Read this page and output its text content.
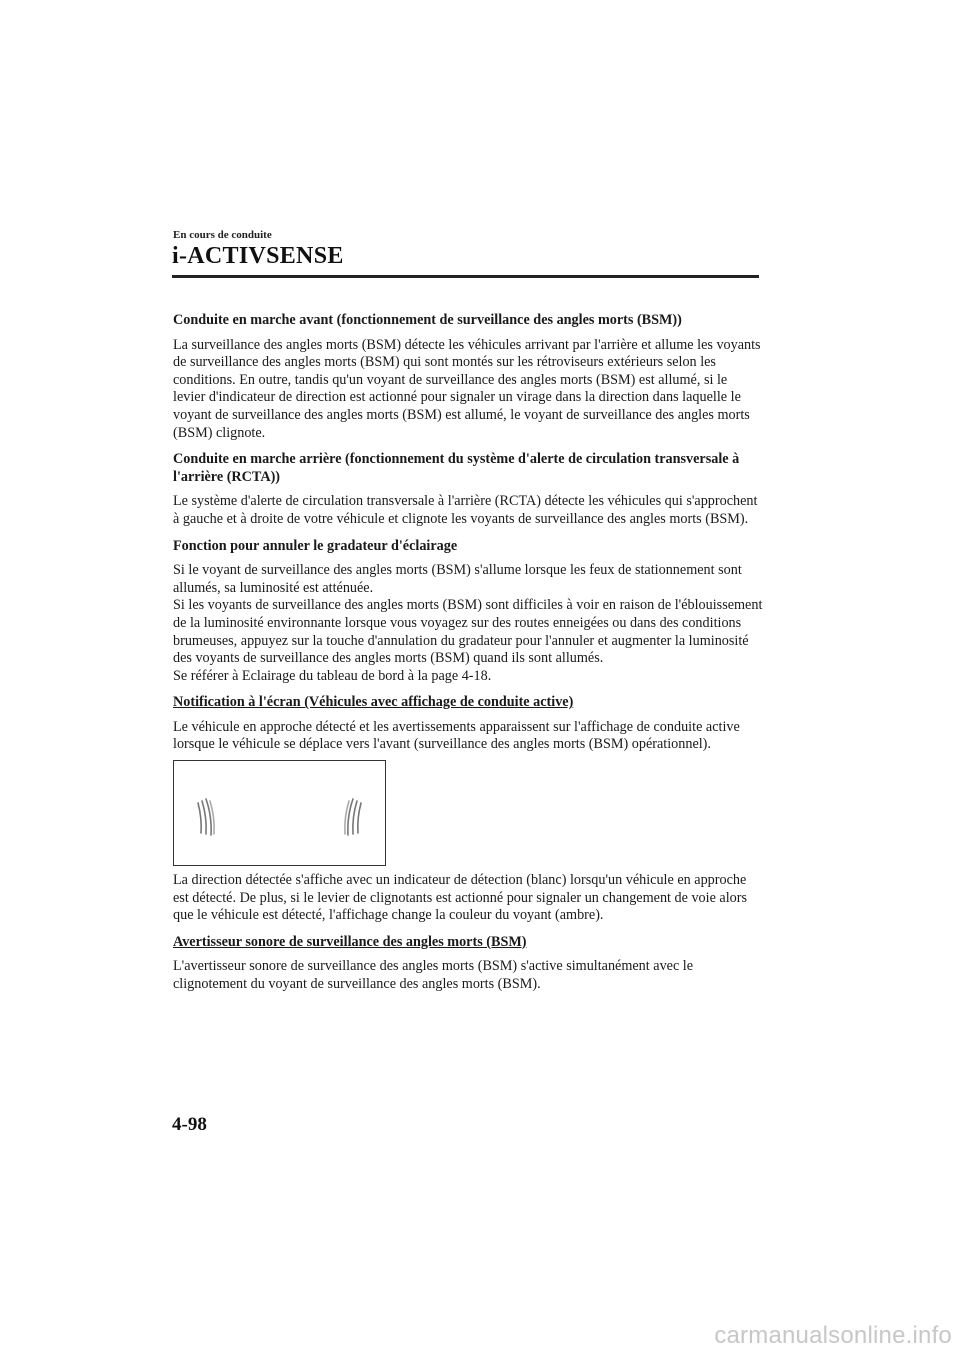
En cours de conduite
i-ACTIVSENSE
Conduite en marche avant (fonctionnement de surveillance des angles morts (BSM))

La surveillance des angles morts (BSM) détecte les véhicules arrivant par l'arrière et allume les voyants de surveillance des angles morts (BSM) qui sont montés sur les rétroviseurs extérieurs selon les conditions. En outre, tandis qu'un voyant de surveillance des angles morts (BSM) est allumé, si le levier d'indicateur de direction est actionné pour signaler un virage dans la direction dans laquelle le voyant de surveillance des angles morts (BSM) est allumé, le voyant de surveillance des angles morts (BSM) clignote.

Conduite en marche arrière (fonctionnement du système d'alerte de circulation transversale à l'arrière (RCTA))

Le système d'alerte de circulation transversale à l'arrière (RCTA) détecte les véhicules qui s'approchent à gauche et à droite de votre véhicule et clignote les voyants de surveillance des angles morts (BSM).

Fonction pour annuler le gradateur d'éclairage

Si le voyant de surveillance des angles morts (BSM) s'allume lorsque les feux de stationnement sont allumés, sa luminosité est atténuée.

Si les voyants de surveillance des angles morts (BSM) sont difficiles à voir en raison de l'éblouissement de la luminosité environnante lorsque vous voyagez sur des routes enneigées ou dans des conditions brumeuses, appuyez sur la touche d'annulation du gradateur pour l'annuler et augmenter la luminosité des voyants de surveillance des angles morts (BSM) quand ils sont allumés.

Se référer à Eclairage du tableau de bord à la page 4-18.

Notification à l'écran (Véhicules avec affichage de conduite active)

Le véhicule en approche détecté et les avertissements apparaissent sur l'affichage de conduite active lorsque le véhicule se déplace vers l'avant (surveillance des angles morts (BSM) opérationnel).

La direction détectée s'affiche avec un indicateur de détection (blanc) lorsqu'un véhicule en approche est détecté. De plus, si le levier de clignotants est actionné pour signaler un changement de voie alors que le véhicule est détecté, l'affichage change la couleur du voyant (ambre).

Avertisseur sonore de surveillance des angles morts (BSM)

L'avertisseur sonore de surveillance des angles morts (BSM) s'active simultanément avec le clignotement du voyant de surveillance des angles morts (BSM).

4-98
carmanualsonline.info
